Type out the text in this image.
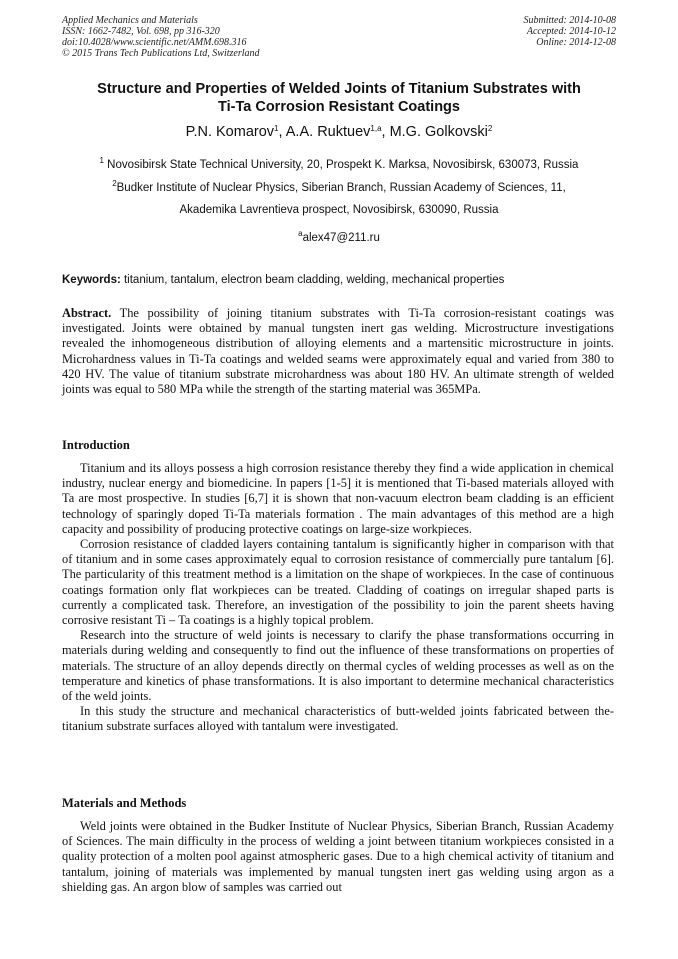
Applied Mechanics and Materials
ISSN: 1662-7482, Vol. 698, pp 316-320
doi:10.4028/www.scientific.net/AMM.698.316
© 2015 Trans Tech Publications Ltd, Switzerland
Submitted: 2014-10-08
Accepted: 2014-10-12
Online: 2014-12-08
Structure and Properties of Welded Joints of Titanium Substrates with
Ti-Ta Corrosion Resistant Coatings
P.N. Komarov$^1$, A.A. Ruktuev$^{1,a}$, M.G. Golkovski$^2$
$^1$ Novosibirsk State Technical University, 20, Prospekt K. Marksa, Novosibirsk, 630073, Russia
$^2$Budker Institute of Nuclear Physics, Siberian Branch, Russian Academy of Sciences, 11,
Akademika Lavrentieva prospect, Novosibirsk, 630090, Russia
$^a$alex47@211.ru
Keywords: titanium, tantalum, electron beam cladding, welding, mechanical properties

Abstract. The possibility of joining titanium substrates with Ti-Ta corrosion-resistant coatings was investigated. Joints were obtained by manual tungsten inert gas welding. Microstructure investigations revealed the inhomogeneous distribution of alloying elements and a martensitic microstructure in joints. Microhardness values in Ti-Ta coatings and welded seams were approximately equal and varied from 380 to 420 HV. The value of titanium substrate microhardness was about 180 HV. An ultimate strength of welded joints was equal to 580 MPa while the strength of the starting material was 365MPa.

Introduction

Titanium and its alloys possess a high corrosion resistance thereby they find a wide application in chemical industry, nuclear energy and biomedicine. In papers [1-5] it is mentioned that Ti-based materials alloyed with Ta are most prospective. In studies [6,7] it is shown that non-vacuum electron beam cladding is an efficient technology of sparingly doped Ti-Ta materials formation . The main advantages of this method are a high capacity and possibility of producing protective coatings on large-size workpieces.

Corrosion resistance of cladded layers containing tantalum is significantly higher in comparison with that of titanium and in some cases approximately equal to corrosion resistance of commercially pure tantalum [6]. The particularity of this treatment method is a limitation on the shape of workpieces. In the case of continuous coatings formation only flat workpieces can be treated. Cladding of coatings on irregular shaped parts is currently a complicated task. Therefore, an investigation of the possibility to join the parent sheets having corrosive resistant Ti – Ta coatings is a highly topical problem.

Research into the structure of weld joints is necessary to clarify the phase transformations occurring in materials during welding and consequently to find out the influence of these transformations on properties of materials. The structure of an alloy depends directly on thermal cycles of welding processes as well as on the temperature and kinetics of phase transformations. It is also important to determine mechanical characteristics of the weld joints.

In this study the structure and mechanical characteristics of butt-welded joints fabricated between the-titanium substrate surfaces alloyed with tantalum were investigated.

Materials and Methods

Weld joints were obtained in the Budker Institute of Nuclear Physics, Siberian Branch, Russian Academy of Sciences. The main difficulty in the process of welding a joint between titanium workpieces consisted in a quality protection of a molten pool against atmospheric gases. Due to a high chemical activity of titanium and tantalum, joining of materials was implemented by manual tungsten inert gas welding using argon as a shielding gas. An argon blow of samples was carried out
